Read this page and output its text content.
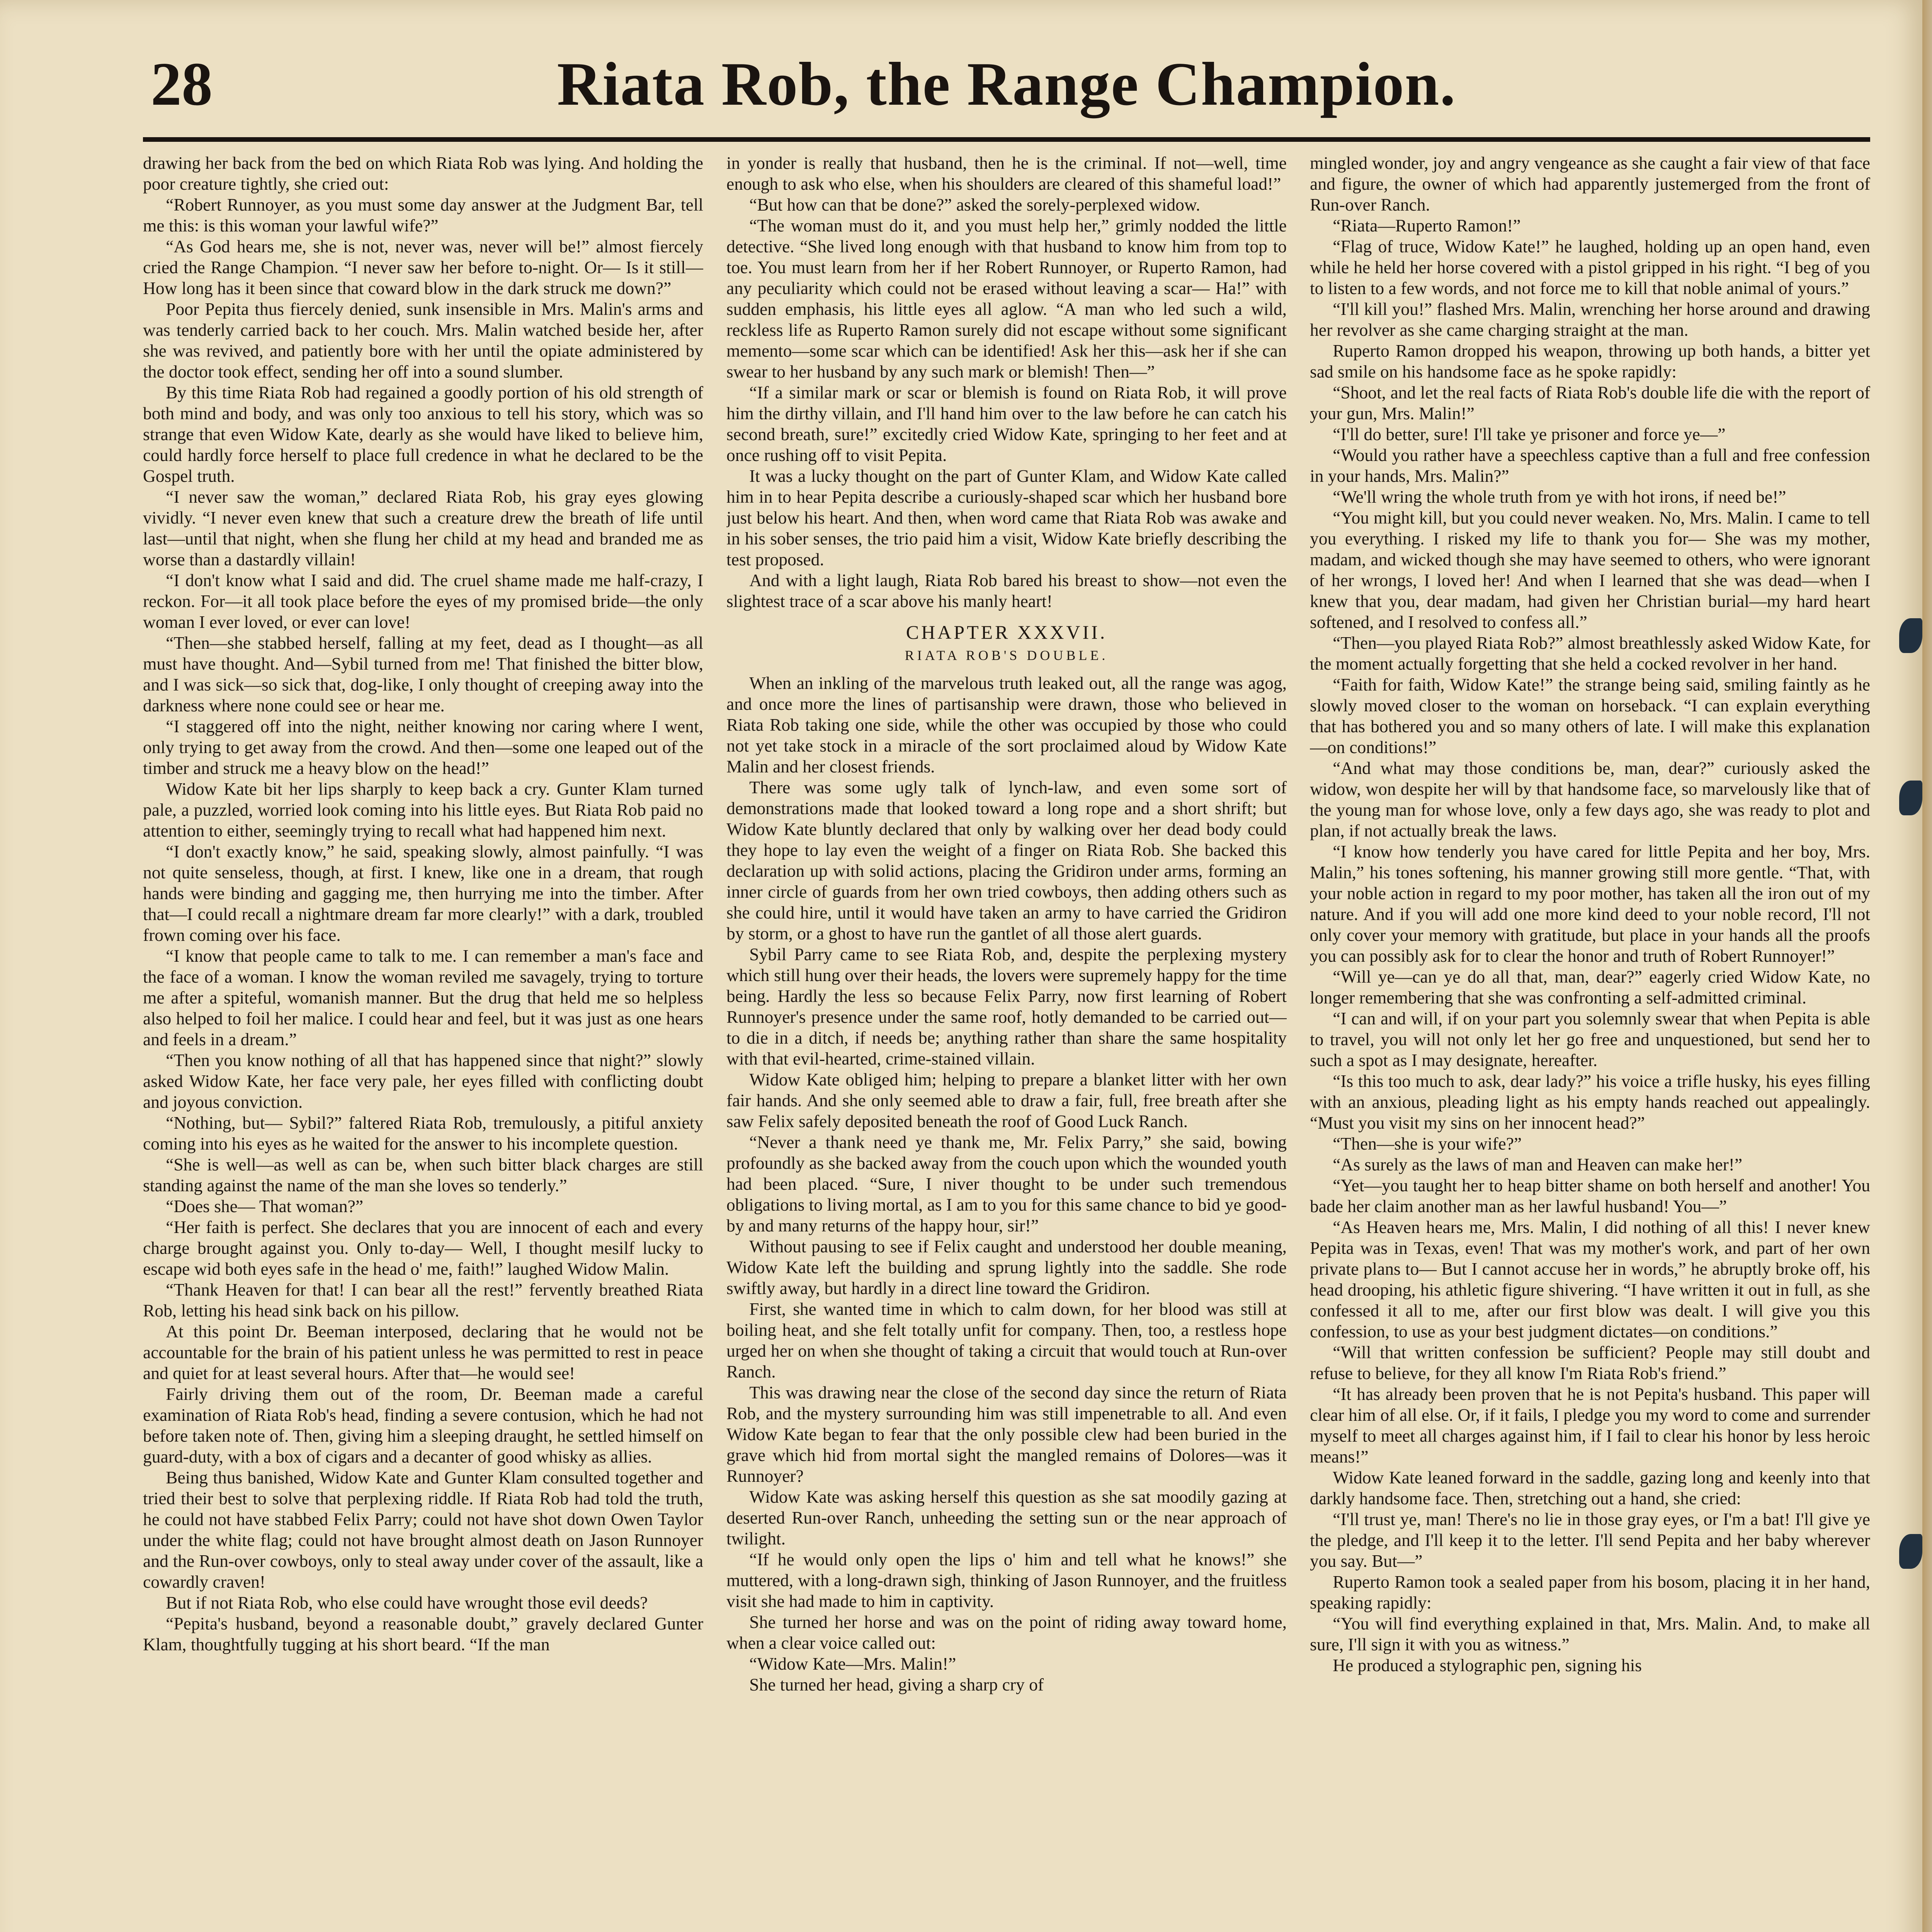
28	Riata Rob, the Range Champion.

drawing her back from the bed on which Riata Rob was lying. And holding the poor creature tightly, she cried out:

“Robert Runnoyer, as you must some day answer at the Judgment Bar, tell me this: is this woman your lawful wife?”

“As God hears me, she is not, never was, never will be!” almost fiercely cried the Range Champion. “I never saw her before to-night. Or— Is it still— How long has it been since that coward blow in the dark struck me down?”

Poor Pepita thus fiercely denied, sunk insensible in Mrs. Malin's arms and was tenderly carried back to her couch. Mrs. Malin watched beside her, after she was revived, and patiently bore with her until the opiate administered by the doctor took effect, sending her off into a sound slumber.

By this time Riata Rob had regained a goodly portion of his old strength of both mind and body, and was only too anxious to tell his story, which was so strange that even Widow Kate, dearly as she would have liked to believe him, could hardly force herself to place full credence in what he declared to be the Gospel truth.

“I never saw the woman,” declared Riata Rob, his gray eyes glowing vividly. “I never even knew that such a creature drew the breath of life until last—until that night, when she flung her child at my head and branded me as worse than a dastardly villain!

“I don't know what I said and did. The cruel shame made me half-crazy, I reckon. For—it all took place before the eyes of my promised bride—the only woman I ever loved, or ever can love!

“Then—she stabbed herself, falling at my feet, dead as I thought—as all must have thought. And—Sybil turned from me! That finished the bitter blow, and I was sick—so sick that, dog-like, I only thought of creeping away into the darkness where none could see or hear me.

“I staggered off into the night, neither knowing nor caring where I went, only trying to get away from the crowd. And then—some one leaped out of the timber and struck me a heavy blow on the head!”

Widow Kate bit her lips sharply to keep back a cry. Gunter Klam turned pale, a puzzled, worried look coming into his little eyes. But Riata Rob paid no attention to either, seemingly trying to recall what had happened him next.

“I don't exactly know,” he said, speaking slowly, almost painfully. “I was not quite senseless, though, at first. I knew, like one in a dream, that rough hands were binding and gagging me, then hurrying me into the timber. After that—I could recall a nightmare dream far more clearly!” with a dark, troubled frown coming over his face.

“I know that people came to talk to me. I can remember a man's face and the face of a woman. I know the woman reviled me savagely, trying to torture me after a spiteful, womanish manner. But the drug that held me so helpless also helped to foil her malice. I could hear and feel, but it was just as one hears and feels in a dream.”

“Then you know nothing of all that has happened since that night?” slowly asked Widow Kate, her face very pale, her eyes filled with conflicting doubt and joyous conviction.

“Nothing, but— Sybil?” faltered Riata Rob, tremulously, a pitiful anxiety coming into his eyes as he waited for the answer to his incomplete question.

“She is well—as well as can be, when such bitter black charges are still standing against the name of the man she loves so tenderly.”

“Does she— That woman?”

“Her faith is perfect. She declares that you are innocent of each and every charge brought against you. Only to-day— Well, I thought mesilf lucky to escape wid both eyes safe in the head o' me, faith!” laughed Widow Malin.

“Thank Heaven for that! I can bear all the rest!” fervently breathed Riata Rob, letting his head sink back on his pillow.

At this point Dr. Beeman interposed, declaring that he would not be accountable for the brain of his patient unless he was permitted to rest in peace and quiet for at least several hours. After that—he would see!

Fairly driving them out of the room, Dr. Beeman made a careful examination of Riata Rob's head, finding a severe contusion, which he had not before taken note of. Then, giving him a sleeping draught, he settled himself on guard-duty, with a box of cigars and a decanter of good whisky as allies.

Being thus banished, Widow Kate and Gunter Klam consulted together and tried their best to solve that perplexing riddle. If Riata Rob had told the truth, he could not have stabbed Felix Parry; could not have shot down Owen Taylor under the white flag; could not have brought almost death on Jason Runnoyer and the Run-over cowboys, only to steal away under cover of the assault, like a cowardly craven!

But if not Riata Rob, who else could have wrought those evil deeds?

“Pepita's husband, beyond a reasonable doubt,” gravely declared Gunter Klam, thoughtfully tugging at his short beard. “If the man

in yonder is really that husband, then he is the criminal. If not—well, time enough to ask who else, when his shoulders are cleared of this shameful load!”

“But how can that be done?” asked the sorely-perplexed widow.

“The woman must do it, and you must help her,” grimly nodded the little detective. “She lived long enough with that husband to know him from top to toe. You must learn from her if her Robert Runnoyer, or Ruperto Ramon, had any peculiarity which could not be erased without leaving a scar— Ha!” with sudden emphasis, his little eyes all aglow. “A man who led such a wild, reckless life as Ruperto Ramon surely did not escape without some significant memento—some scar which can be identified! Ask her this—ask her if she can swear to her husband by any such mark or blemish! Then—”

“If a similar mark or scar or blemish is found on Riata Rob, it will prove him the dirthy villain, and I'll hand him over to the law before he can catch his second breath, sure!” excitedly cried Widow Kate, springing to her feet and at once rushing off to visit Pepita.

It was a lucky thought on the part of Gunter Klam, and Widow Kate called him in to hear Pepita describe a curiously-shaped scar which her husband bore just below his heart. And then, when word came that Riata Rob was awake and in his sober senses, the trio paid him a visit, Widow Kate briefly describing the test proposed.

And with a light laugh, Riata Rob bared his breast to show—not even the slightest trace of a scar above his manly heart!

CHAPTER XXXVII.
RIATA ROB'S DOUBLE.

When an inkling of the marvelous truth leaked out, all the range was agog, and once more the lines of partisanship were drawn, those who believed in Riata Rob taking one side, while the other was occupied by those who could not yet take stock in a miracle of the sort proclaimed aloud by Widow Kate Malin and her closest friends.

There was some ugly talk of lynch-law, and even some sort of demonstrations made that looked toward a long rope and a short shrift; but Widow Kate bluntly declared that only by walking over her dead body could they hope to lay even the weight of a finger on Riata Rob. She backed this declaration up with solid actions, placing the Gridiron under arms, forming an inner circle of guards from her own tried cowboys, then adding others such as she could hire, until it would have taken an army to have carried the Gridiron by storm, or a ghost to have run the gantlet of all those alert guards.

Sybil Parry came to see Riata Rob, and, despite the perplexing mystery which still hung over their heads, the lovers were supremely happy for the time being. Hardly the less so because Felix Parry, now first learning of Robert Runnoyer's presence under the same roof, hotly demanded to be carried out—to die in a ditch, if needs be; anything rather than share the same hospitality with that evil-hearted, crime-stained villain.

Widow Kate obliged him; helping to prepare a blanket litter with her own fair hands. And she only seemed able to draw a fair, full, free breath after she saw Felix safely deposited beneath the roof of Good Luck Ranch.

“Never a thank need ye thank me, Mr. Felix Parry,” she said, bowing profoundly as she backed away from the couch upon which the wounded youth had been placed. “Sure, I niver thought to be under such tremendous obligations to living mortal, as I am to you for this same chance to bid ye good-by and many returns of the happy hour, sir!”

Without pausing to see if Felix caught and understood her double meaning, Widow Kate left the building and sprung lightly into the saddle. She rode swiftly away, but hardly in a direct line toward the Gridiron.

First, she wanted time in which to calm down, for her blood was still at boiling heat, and she felt totally unfit for company. Then, too, a restless hope urged her on when she thought of taking a circuit that would touch at Run-over Ranch.

This was drawing near the close of the second day since the return of Riata Rob, and the mystery surrounding him was still impenetrable to all. And even Widow Kate began to fear that the only possible clew had been buried in the grave which hid from mortal sight the mangled remains of Dolores—was it Runnoyer?

Widow Kate was asking herself this question as she sat moodily gazing at deserted Run-over Ranch, unheeding the setting sun or the near approach of twilight.

“If he would only open the lips o' him and tell what he knows!” she muttered, with a long-drawn sigh, thinking of Jason Runnoyer, and the fruitless visit she had made to him in captivity.

She turned her horse and was on the point of riding away toward home, when a clear voice called out:

“Widow Kate—Mrs. Malin!”

She turned her head, giving a sharp cry of

mingled wonder, joy and angry vengeance as she caught a fair view of that face and figure, the owner of which had apparently justemerged from the front of Run-over Ranch.

“Riata—Ruperto Ramon!”

“Flag of truce, Widow Kate!” he laughed, holding up an open hand, even while he held her horse covered with a pistol gripped in his right. “I beg of you to listen to a few words, and not force me to kill that noble animal of yours.”

“I'll kill you!” flashed Mrs. Malin, wrenching her horse around and drawing her revolver as she came charging straight at the man.

Ruperto Ramon dropped his weapon, throwing up both hands, a bitter yet sad smile on his handsome face as he spoke rapidly:

“Shoot, and let the real facts of Riata Rob's double life die with the report of your gun, Mrs. Malin!”

“I'll do better, sure! I'll take ye prisoner and force ye—”

“Would you rather have a speechless captive than a full and free confession in your hands, Mrs. Malin?”

“We'll wring the whole truth from ye with hot irons, if need be!”

“You might kill, but you could never weaken. No, Mrs. Malin. I came to tell you everything. I risked my life to thank you for— She was my mother, madam, and wicked though she may have seemed to others, who were ignorant of her wrongs, I loved her! And when I learned that she was dead—when I knew that you, dear madam, had given her Christian burial—my hard heart softened, and I resolved to confess all.”

“Then—you played Riata Rob?” almost breathlessly asked Widow Kate, for the moment actually forgetting that she held a cocked revolver in her hand.

“Faith for faith, Widow Kate!” the strange being said, smiling faintly as he slowly moved closer to the woman on horseback. “I can explain everything that has bothered you and so many others of late. I will make this explanation—on conditions!”

“And what may those conditions be, man, dear?” curiously asked the widow, won despite her will by that handsome face, so marvelously like that of the young man for whose love, only a few days ago, she was ready to plot and plan, if not actually break the laws.

“I know how tenderly you have cared for little Pepita and her boy, Mrs. Malin,” his tones softening, his manner growing still more gentle. “That, with your noble action in regard to my poor mother, has taken all the iron out of my nature. And if you will add one more kind deed to your noble record, I'll not only cover your memory with gratitude, but place in your hands all the proofs you can possibly ask for to clear the honor and truth of Robert Runnoyer!”

“Will ye—can ye do all that, man, dear?” eagerly cried Widow Kate, no longer remembering that she was confronting a self-admitted criminal.

“I can and will, if on your part you solemnly swear that when Pepita is able to travel, you will not only let her go free and unquestioned, but send her to such a spot as I may designate, hereafter.

“Is this too much to ask, dear lady?” his voice a trifle husky, his eyes filling with an anxious, pleading light as his empty hands reached out appealingly. “Must you visit my sins on her innocent head?”

“Then—she is your wife?”

“As surely as the laws of man and Heaven can make her!”

“Yet—you taught her to heap bitter shame on both herself and another! You bade her claim another man as her lawful husband! You—”

“As Heaven hears me, Mrs. Malin, I did nothing of all this! I never knew Pepita was in Texas, even! That was my mother's work, and part of her own private plans to— But I cannot accuse her in words,” he abruptly broke off, his head drooping, his athletic figure shivering. “I have written it out in full, as she confessed it all to me, after our first blow was dealt. I will give you this confession, to use as your best judgment dictates—on conditions.”

“Will that written confession be sufficient? People may still doubt and refuse to believe, for they all know I'm Riata Rob's friend.”

“It has already been proven that he is not Pepita's husband. This paper will clear him of all else. Or, if it fails, I pledge you my word to come and surrender myself to meet all charges against him, if I fail to clear his honor by less heroic means!”

Widow Kate leaned forward in the saddle, gazing long and keenly into that darkly handsome face. Then, stretching out a hand, she cried:

“I'll trust ye, man! There's no lie in those gray eyes, or I'm a bat! I'll give ye the pledge, and I'll keep it to the letter. I'll send Pepita and her baby wherever you say. But—”

Ruperto Ramon took a sealed paper from his bosom, placing it in her hand, speaking rapidly:

“You will find everything explained in that, Mrs. Malin. And, to make all sure, I'll sign it with you as witness.”

He produced a stylographic pen, signing his
